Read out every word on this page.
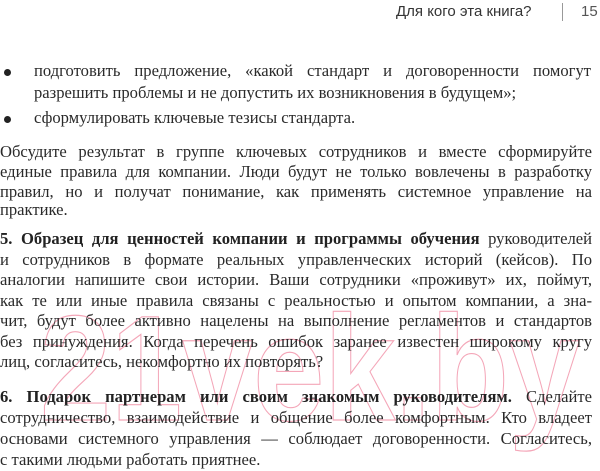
21vek.by
Для кого эта книга?	15
подготовить предложение, «какой стандарт и договоренности помогут
разрешить проблемы и не допустить их возникновения в будущем»;
сформулировать ключевые тезисы стандарта.
Обсудите результат в группе ключевых сотрудников и вместе сформируйте
единые правила для компании. Люди будут не только вовлечены в разработку
правил, но и получат понимание, как применять системное управление на
практике.
5. Образец для ценностей компании и программы обучения руководителей
и сотрудников в формате реальных управленческих историй (кейсов). По
аналогии напишите свои истории. Ваши сотрудники «проживут» их, поймут,
как те или иные правила связаны с реальностью и опытом компании, а зна-
чит, будут более активно нацелены на выполнение регламентов и стандартов
без принуждения. Когда перечень ошибок заранее известен широкому кругу
лиц, согласитесь, некомфортно их повторять?
6. Подарок партнерам или своим знакомым руководителям. Сделайте
сотрудничество, взаимодействие и общение более комфортным. Кто владеет
основами системного управления — соблюдает договоренности. Согласитесь,
с такими людьми работать приятнее.
